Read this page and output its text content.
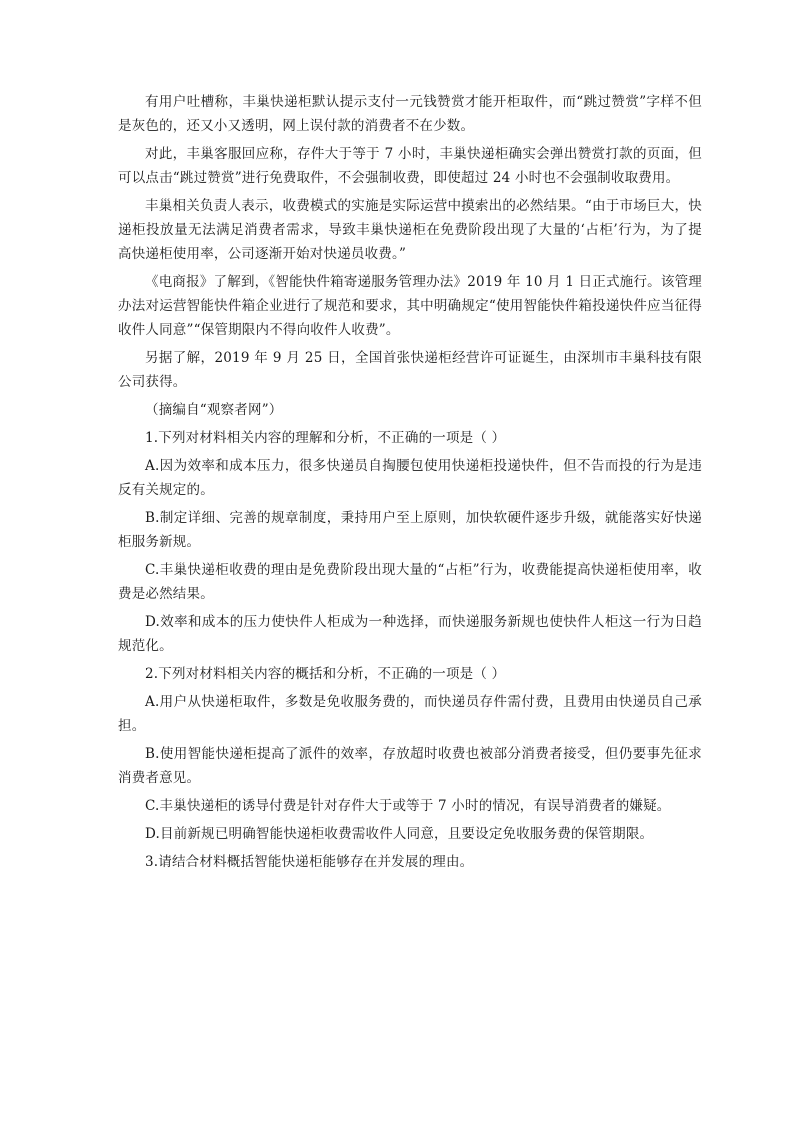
有用户吐槽称，丰巢快递柜默认提示支付一元钱赞赏才能开柜取件，而“跳过赞赏”字样不但是灰色的，还又小又透明，网上误付款的消费者不在少数。

对此，丰巢客服回应称，存件大于等于 7 小时，丰巢快递柜确实会弹出赞赏打款的页面，但可以点击“跳过赞赏”进行免费取件，不会强制收费，即使超过 24 小时也不会强制收取费用。

丰巢相关负责人表示，收费模式的实施是实际运营中摸索出的必然结果。“由于市场巨大，快递柜投放量无法满足消费者需求，导致丰巢快递柜在免费阶段出现了大量的‘占柜’行为，为了提高快递柜使用率，公司逐渐开始对快递员收费。”

《电商报》了解到，《智能快件箱寄递服务管理办法》2019 年 10 月 1 日正式施行。该管理办法对运营智能快件箱企业进行了规范和要求，其中明确规定“使用智能快件箱投递快件应当征得收件人同意”“保管期限内不得向收件人收费”。

另据了解，2019 年 9 月 25 日，全国首张快递柜经营许可证诞生，由深圳市丰巢科技有限公司获得。

（摘编自“观察者网”）

1.下列对材料相关内容的理解和分析，不正确的一项是（ ）

A.因为效率和成本压力，很多快递员自掏腰包使用快递柜投递快件，但不告而投的行为是违反有关规定的。

B.制定详细、完善的规章制度，秉持用户至上原则，加快软硬件逐步升级，就能落实好快递柜服务新规。

C.丰巢快递柜收费的理由是免费阶段出现大量的“占柜”行为，收费能提高快递柜使用率，收费是必然结果。

D.效率和成本的压力使快件人柜成为一种选择，而快递服务新规也使快件人柜这一行为日趋规范化。

2.下列对材料相关内容的概括和分析，不正确的一项是（ ）

A.用户从快递柜取件，多数是免收服务费的，而快递员存件需付费，且费用由快递员自己承担。

B.使用智能快递柜提高了派件的效率，存放超时收费也被部分消费者接受，但仍要事先征求消费者意见。

C.丰巢快递柜的诱导付费是针对存件大于或等于 7 小时的情况，有误导消费者的嫌疑。

D.目前新规已明确智能快递柜收费需收件人同意，且要设定免收服务费的保管期限。

3.请结合材料概括智能快递柜能够存在并发展的理由。
